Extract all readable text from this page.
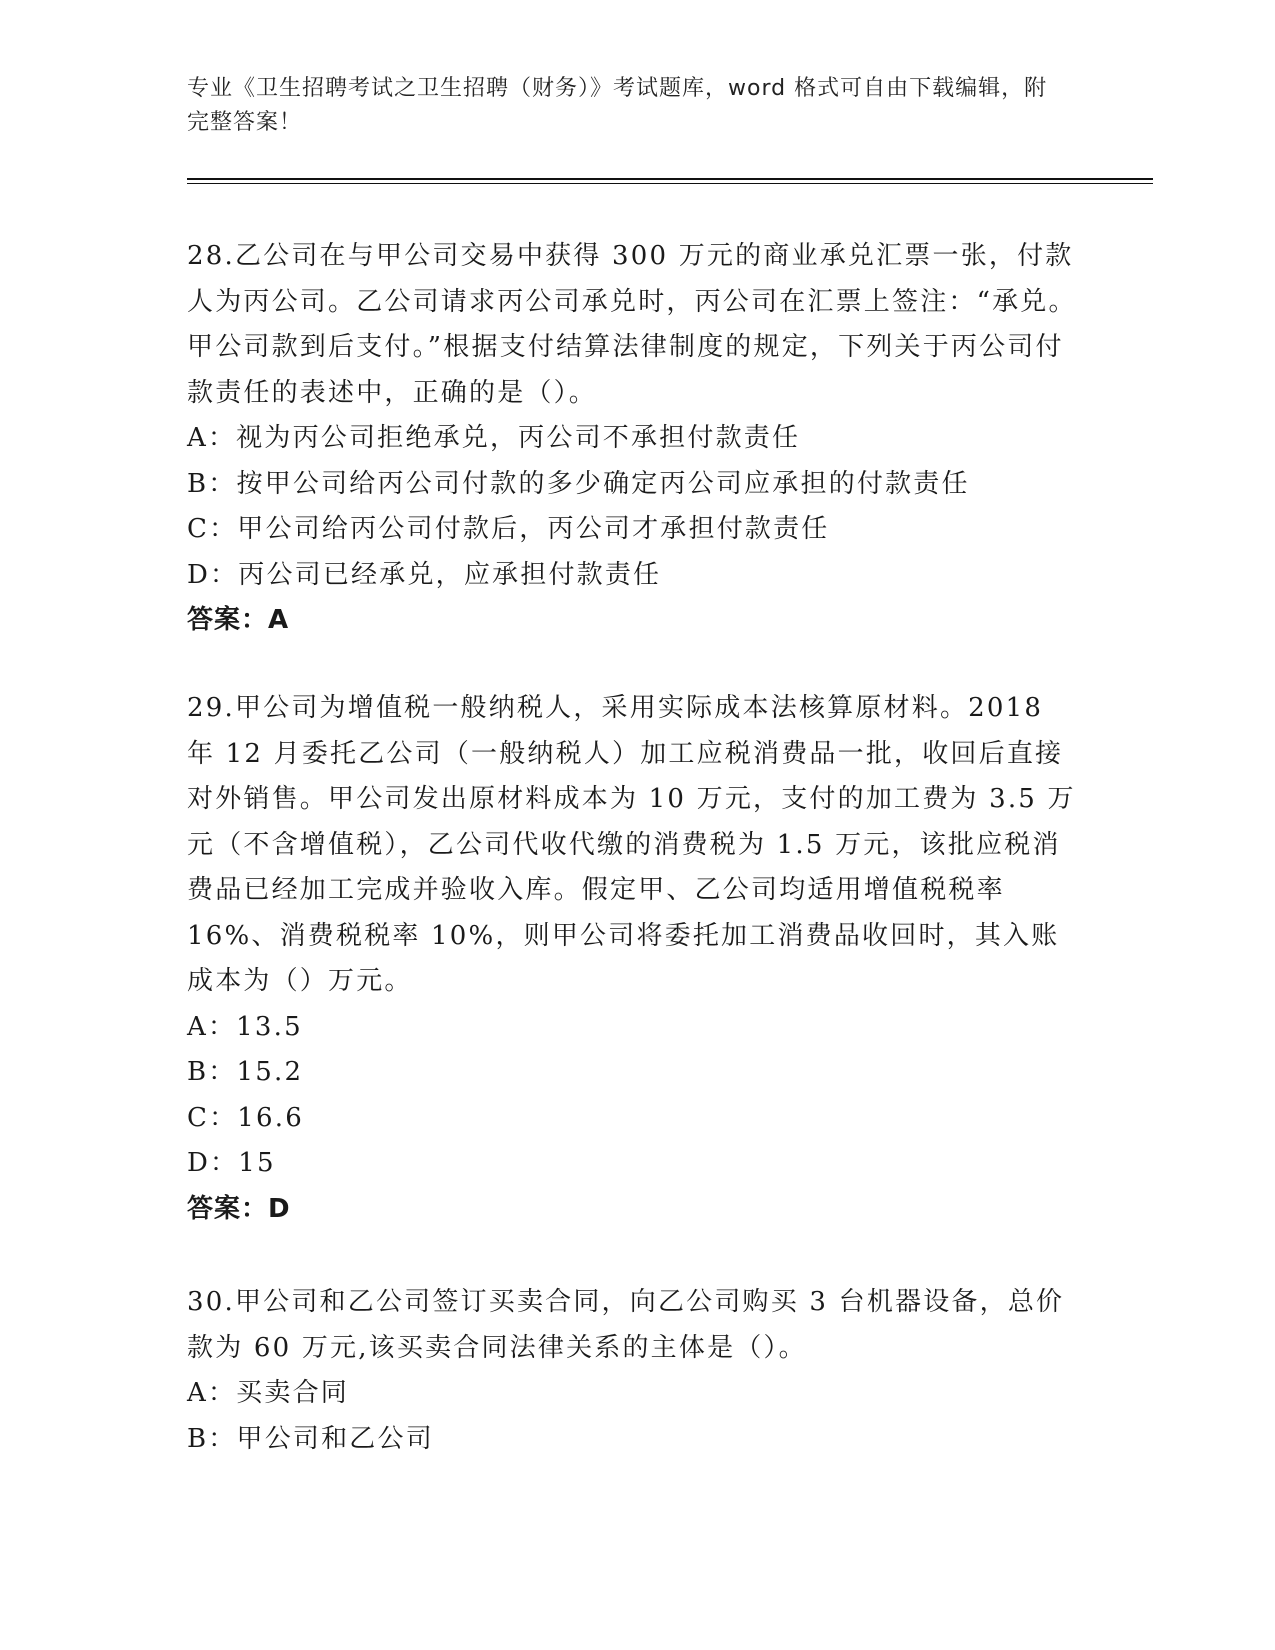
专业《卫生招聘考试之卫生招聘（财务）》考试题库，word 格式可自由下载编辑，附完整答案！

28.乙公司在与甲公司交易中获得 300 万元的商业承兑汇票一张，付款人为丙公司。乙公司请求丙公司承兑时，丙公司在汇票上签注：“承兑。甲公司款到后支付。”根据支付结算法律制度的规定，下列关于丙公司付款责任的表述中，正确的是（）。

A：视为丙公司拒绝承兑，丙公司不承担付款责任

B：按甲公司给丙公司付款的多少确定丙公司应承担的付款责任

C：甲公司给丙公司付款后，丙公司才承担付款责任

D：丙公司已经承兑，应承担付款责任

答案：A

29.甲公司为增值税一般纳税人，采用实际成本法核算原材料。2018 年 12 月委托乙公司（一般纳税人）加工应税消费品一批，收回后直接对外销售。甲公司发出原材料成本为 10 万元，支付的加工费为 3.5 万元（不含增值税），乙公司代收代缴的消费税为 1.5 万元，该批应税消费品已经加工完成并验收入库。假定甲、乙公司均适用增值税税率 16%、消费税税率 10%，则甲公司将委托加工消费品收回时，其入账成本为（）万元。

A：13.5

B：15.2

C：16.6

D：15

答案：D

30.甲公司和乙公司签订买卖合同，向乙公司购买 3 台机器设备，总价款为 60 万元,该买卖合同法律关系的主体是（）。

A：买卖合同

B：甲公司和乙公司
